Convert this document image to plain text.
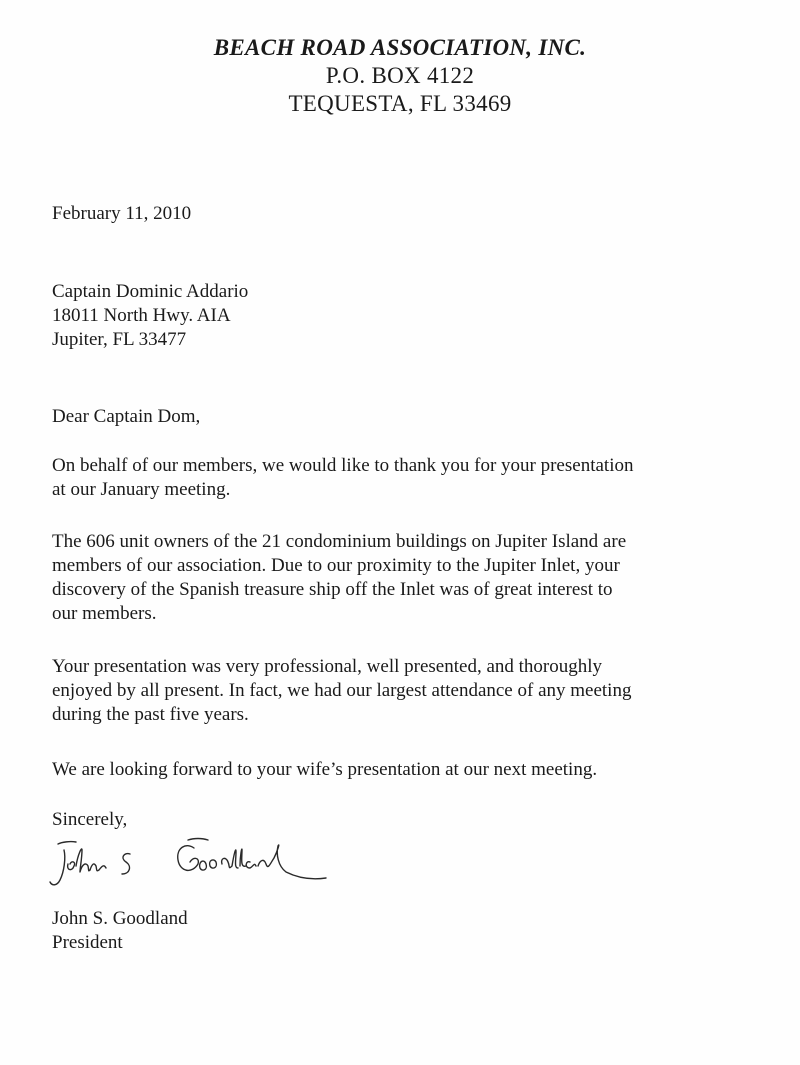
BEACH ROAD ASSOCIATION, INC.
P.O. BOX 4122
TEQUESTA, FL 33469
February 11, 2010

Captain Dominic Addario

18011 North Hwy. AIA

Jupiter, FL 33477

Dear Captain Dom,

On behalf of our members, we would like to thank you for your presentation

at our January meeting.

The 606 unit owners of the 21 condominium buildings on Jupiter Island are

members of our association. Due to our proximity to the Jupiter Inlet, your

discovery of the Spanish treasure ship off the Inlet was of great interest to

our members.

Your presentation was very professional, well presented, and thoroughly

enjoyed by all present. In fact, we had our largest attendance of any meeting

during the past five years.

We are looking forward to your wife’s presentation at our next meeting.

Sincerely,

John S. Goodland

President
